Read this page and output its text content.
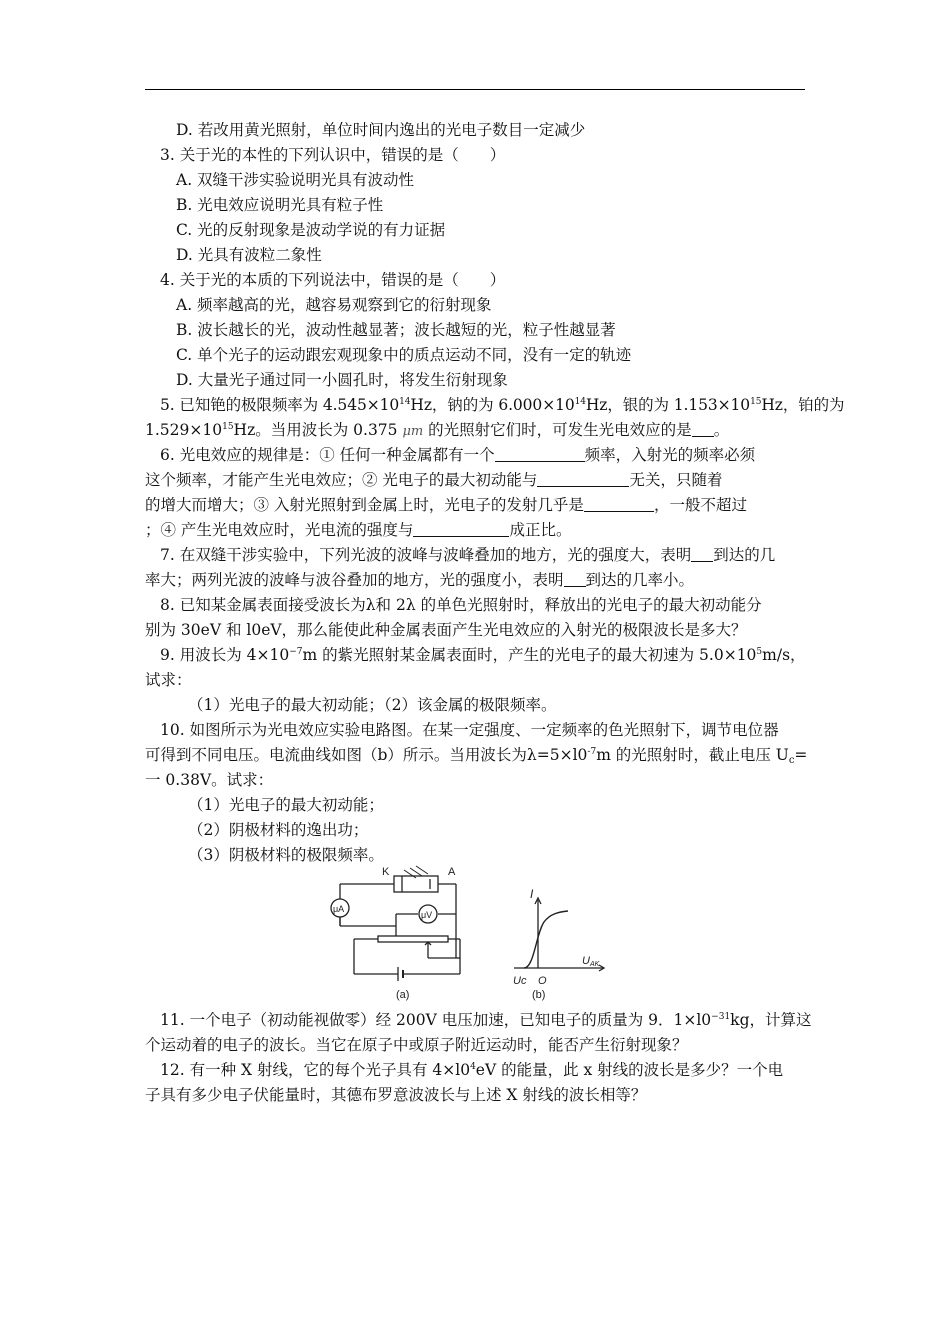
D. 若改用黄光照射，单位时间内逸出的光电子数目一定减少
3. 关于光的本性的下列认识中，错误的是（　　）
A. 双缝干涉实验说明光具有波动性
B. 光电效应说明光具有粒子性
C. 光的反射现象是波动学说的有力证据
D. 光具有波粒二象性
4. 关于光的本质的下列说法中，错误的是（　　）
A. 频率越高的光，越容易观察到它的衍射现象
B. 波长越长的光，波动性越显著；波长越短的光，粒子性越显著
C. 单个光子的运动跟宏观现象中的质点运动不同，没有一定的轨迹
D. 大量光子通过同一小圆孔时，将发生衍射现象
5. 已知铯的极限频率为 $4.545\times 10^{14}Hz$，钠的为 $6.000\times 10^{14}Hz$，银的为 $1.153\times 10^{15}Hz$，铂的为
$1.529\times 10^{15}Hz$。当用波长为 0.375 μm 的光照射它们时，可发生光电效应的是 。
6. 光电效应的规律是：① 任何一种金属都有一个	频率，入射光的频率必须
这个频率，才能产生光电效应；② 光电子的最大初动能与	无关，只随着
的增大而增大；③ 入射光照射到金属上时，光电子的发射几乎是	，一般不超过
；④ 产生光电效应时，光电流的强度与	成正比。
7. 在双缝干涉实验中，下列光波的波峰与波峰叠加的地方，光的强度大，表明 到达的几
率大；两列光波的波峰与波谷叠加的地方，光的强度小，表明 到达的几率小。
8. 已知某金属表面接受波长为λ和 2λ 的单色光照射时，释放出的光电子的最大初动能分
别为 30eV 和 l0eV，那么能使此种金属表面产生光电效应的入射光的极限波长是多大？
9. 用波长为 $4\times 10^{-7}m$ 的紫光照射某金属表面时，产生的光电子的最大初速为 $5.0\times 10^5m/s$，
试求：
（1）光电子的最大初动能；（2）该金属的极限频率。
10. 如图所示为光电效应实验电路图。在某一定强度、一定频率的色光照射下，调节电位器
可得到不同电压。电流曲线如图（b）所示。当用波长为$\lambda=5\times l0^{-7}m$ 的光照射时，截止电压 $U_c=$
一 0.38V。试求：
（1）光电子的最大初动能；
（2）阴极材料的逸出功；
（3）阴极材料的极限频率。
K	A
μA
μV
(a)
I
Uc O
UAK
(b)
11. 一个电子（初动能视做零）经 200V 电压加速，已知电子的质量为 9．$1\times l0^{-31}kg$，计算这
个运动着的电子的波长。当它在原子中或原子附近运动时，能否产生衍射现象？
12. 有一种 X 射线，它的每个光子具有 $4\times l0^4eV$ 的能量，此 x 射线的波长是多少？一个电
子具有多少电子伏能量时，其德布罗意波波长与上述 X 射线的波长相等？
